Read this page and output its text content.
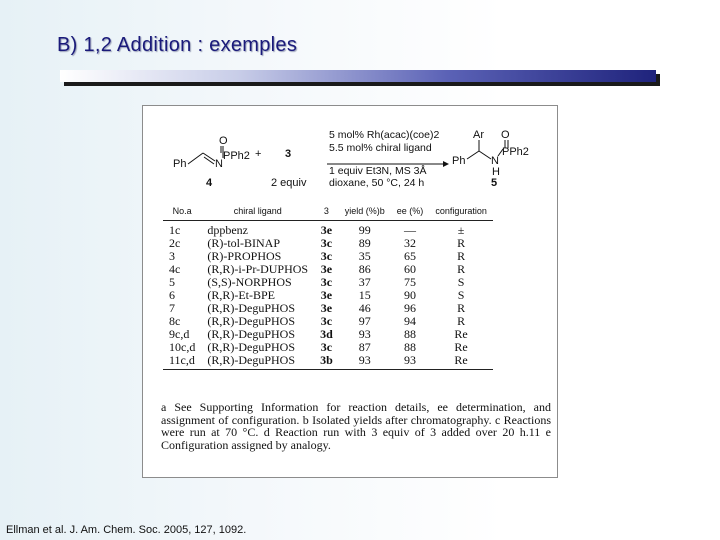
B) 1,2 Addition : exemples
Ph	N
O
PPh2 + 3
4	2 equiv
5 mol% Rh(acac)(coe)2
5.5 mol% chiral ligand
1 equiv Et3N, MS 3Å
dioxane, 50 °C, 24 h
Ar O
Ph N
H
PPh2
5
No.a	chiral ligand	3	yield (%)b	ee (%)	configuration
1c	dppbenz	3e	99	—	±
2c	(R)-tol-BINAP	3c	89	32	R
3	(R)-PROPHOS	3c	35	65	R
4c	(R,R)-i-Pr-DUPHOS	3e	86	60	R
5	(S,S)-NORPHOS	3c	37	75	S
6	(R,R)-Et-BPE	3e	15	90	S
7	(R,R)-DeguPHOS	3e	46	96	R
8c	(R,R)-DeguPHOS	3c	97	94	R
9c,d	(R,R)-DeguPHOS	3d	93	88	Re
10c,d	(R,R)-DeguPHOS	3c	87	88	Re
11c,d	(R,R)-DeguPHOS	3b	93	93	Re
a See Supporting Information for reaction details, ee determination, and assignment of configuration. b Isolated yields after chromatography. c Reactions were run at 70 °C. d Reaction run with 3 equiv of 3 added over 20 h.11 e Configuration assigned by analogy.
Ellman et al. J. Am. Chem. Soc. 2005, 127, 1092.
